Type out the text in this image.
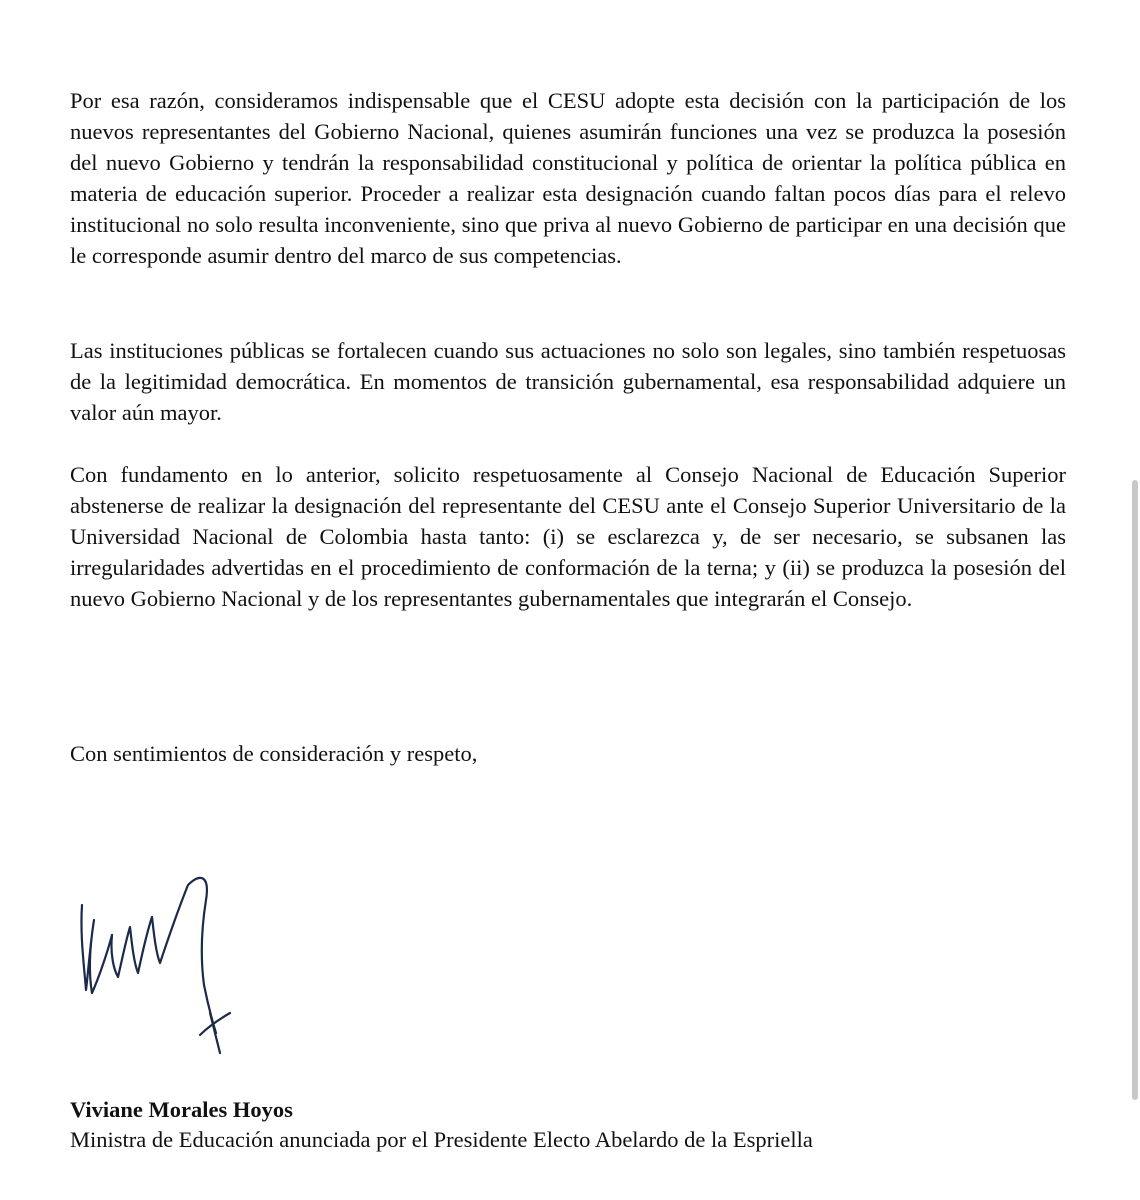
Por esa razón, consideramos indispensable que el CESU adopte esta decisión con la participación de los nuevos representantes del Gobierno Nacional, quienes asumirán funciones una vez se produzca la posesión del nuevo Gobierno y tendrán la responsabilidad constitucional y política de orientar la política pública en materia de educación superior. Proceder a realizar esta designación cuando faltan pocos días para el relevo institucional no solo resulta inconveniente, sino que priva al nuevo Gobierno de participar en una decisión que le corresponde asumir dentro del marco de sus competencias.

Las instituciones públicas se fortalecen cuando sus actuaciones no solo son legales, sino también respetuosas de la legitimidad democrática. En momentos de transición gubernamental, esa responsabilidad adquiere un valor aún mayor.

Con fundamento en lo anterior, solicito respetuosamente al Consejo Nacional de Educación Superior abstenerse de realizar la designación del representante del CESU ante el Consejo Superior Universitario de la Universidad Nacional de Colombia hasta tanto: (i) se esclarezca y, de ser necesario, se subsanen las irregularidades advertidas en el procedimiento de conformación de la terna; y (ii) se produzca la posesión del nuevo Gobierno Nacional y de los representantes gubernamentales que integrarán el Consejo.

Con sentimientos de consideración y respeto,

Viviane Morales Hoyos

Ministra de Educación anunciada por el Presidente Electo Abelardo de la Espriella
